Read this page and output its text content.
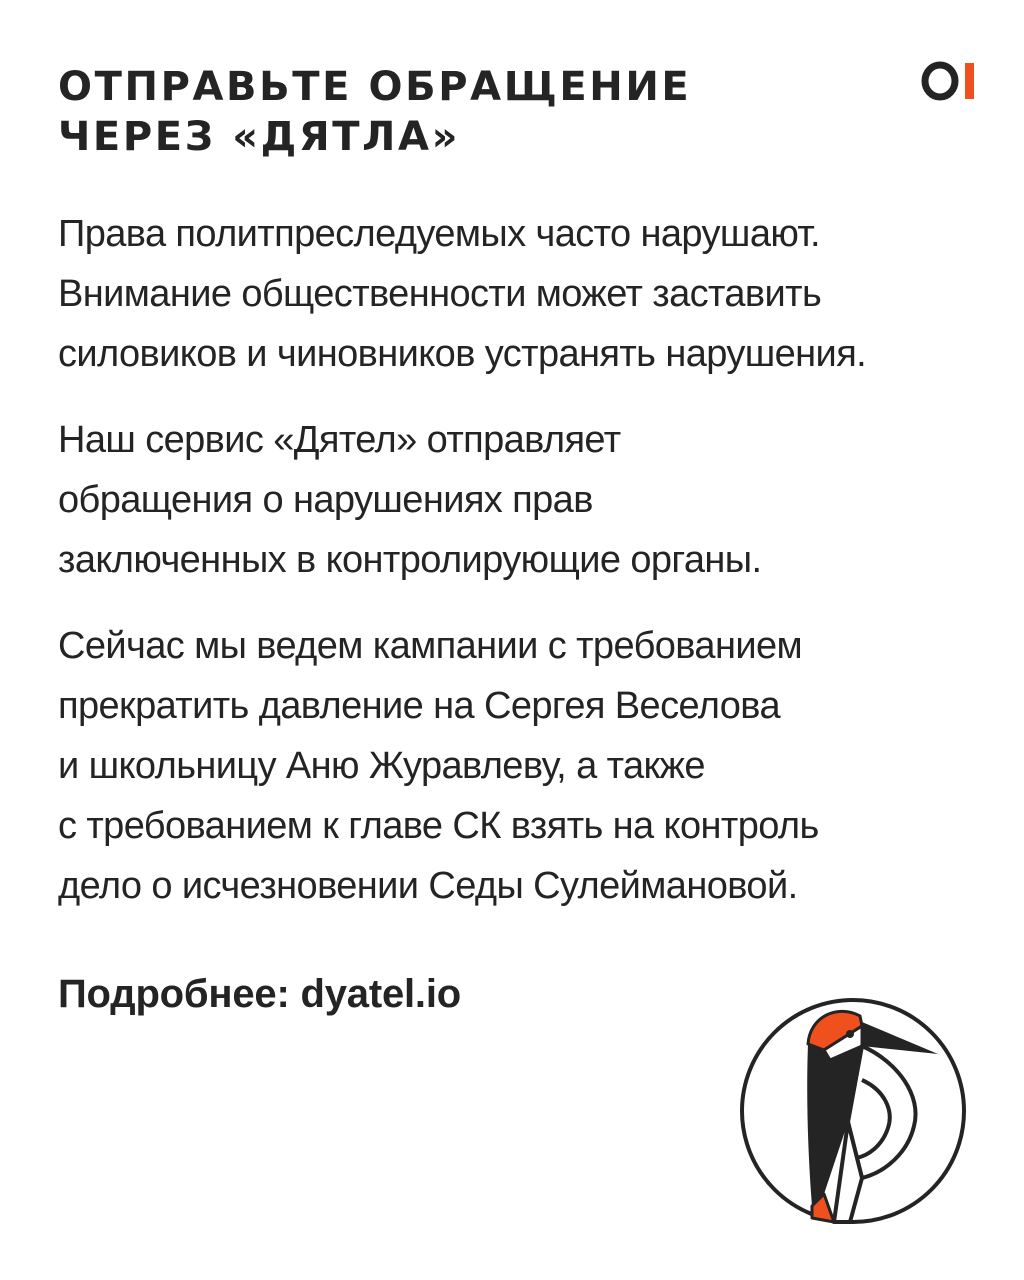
ОТПРАВЬТЕ ОБРАЩЕНИЕ
ЧЕРЕЗ «ДЯТЛА»

Права политпреследуемых часто нарушают.
Внимание общественности может заставить
силовиков и чиновников устранять нарушения.

Наш сервис «Дятел» отправляет
обращения о нарушениях прав
заключенных в контролирующие органы.

Сейчас мы ведем кампании с требованием
прекратить давление на Сергея Веселова
и школьницу Аню Журавлеву, а также
с требованием к главе СК взять на контроль
дело о исчезновении Седы Сулеймановой.

Подробнее: dyatel.io
